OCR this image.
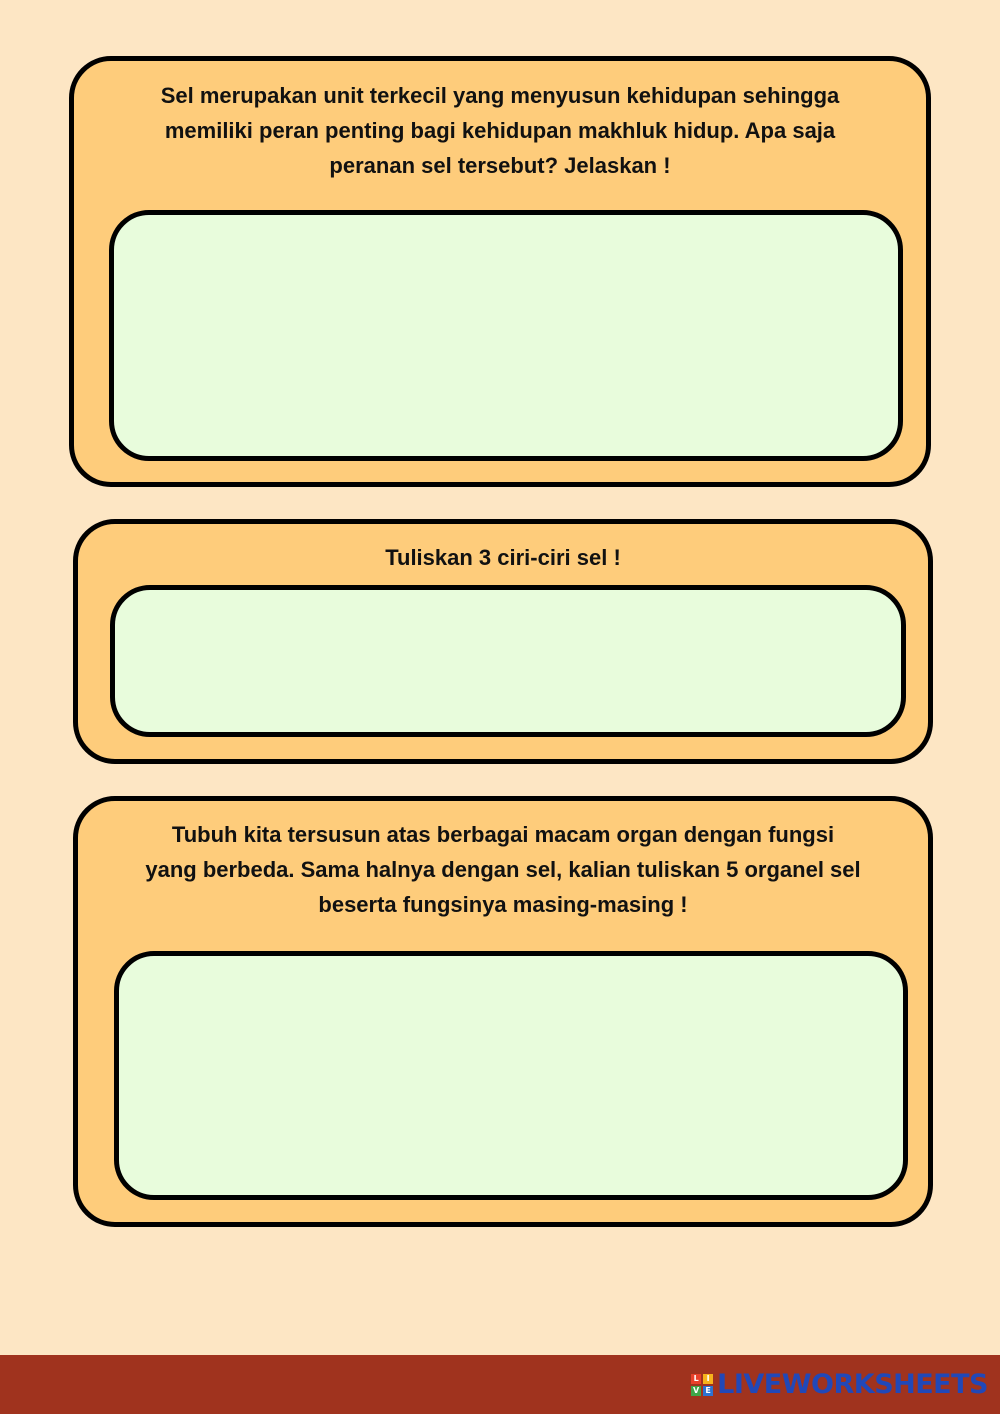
Sel merupakan unit terkecil yang menyusun kehidupan sehingga
memiliki peran penting bagi kehidupan makhluk hidup. Apa saja
peranan sel tersebut? Jelaskan !

Tuliskan 3 ciri-ciri sel !

Tubuh kita tersusun atas berbagai macam organ dengan fungsi
yang berbeda. Sama halnya dengan sel, kalian tuliskan 5 organel sel
beserta fungsinya masing-masing !

L I
V E LIVEWORKSHEETS
